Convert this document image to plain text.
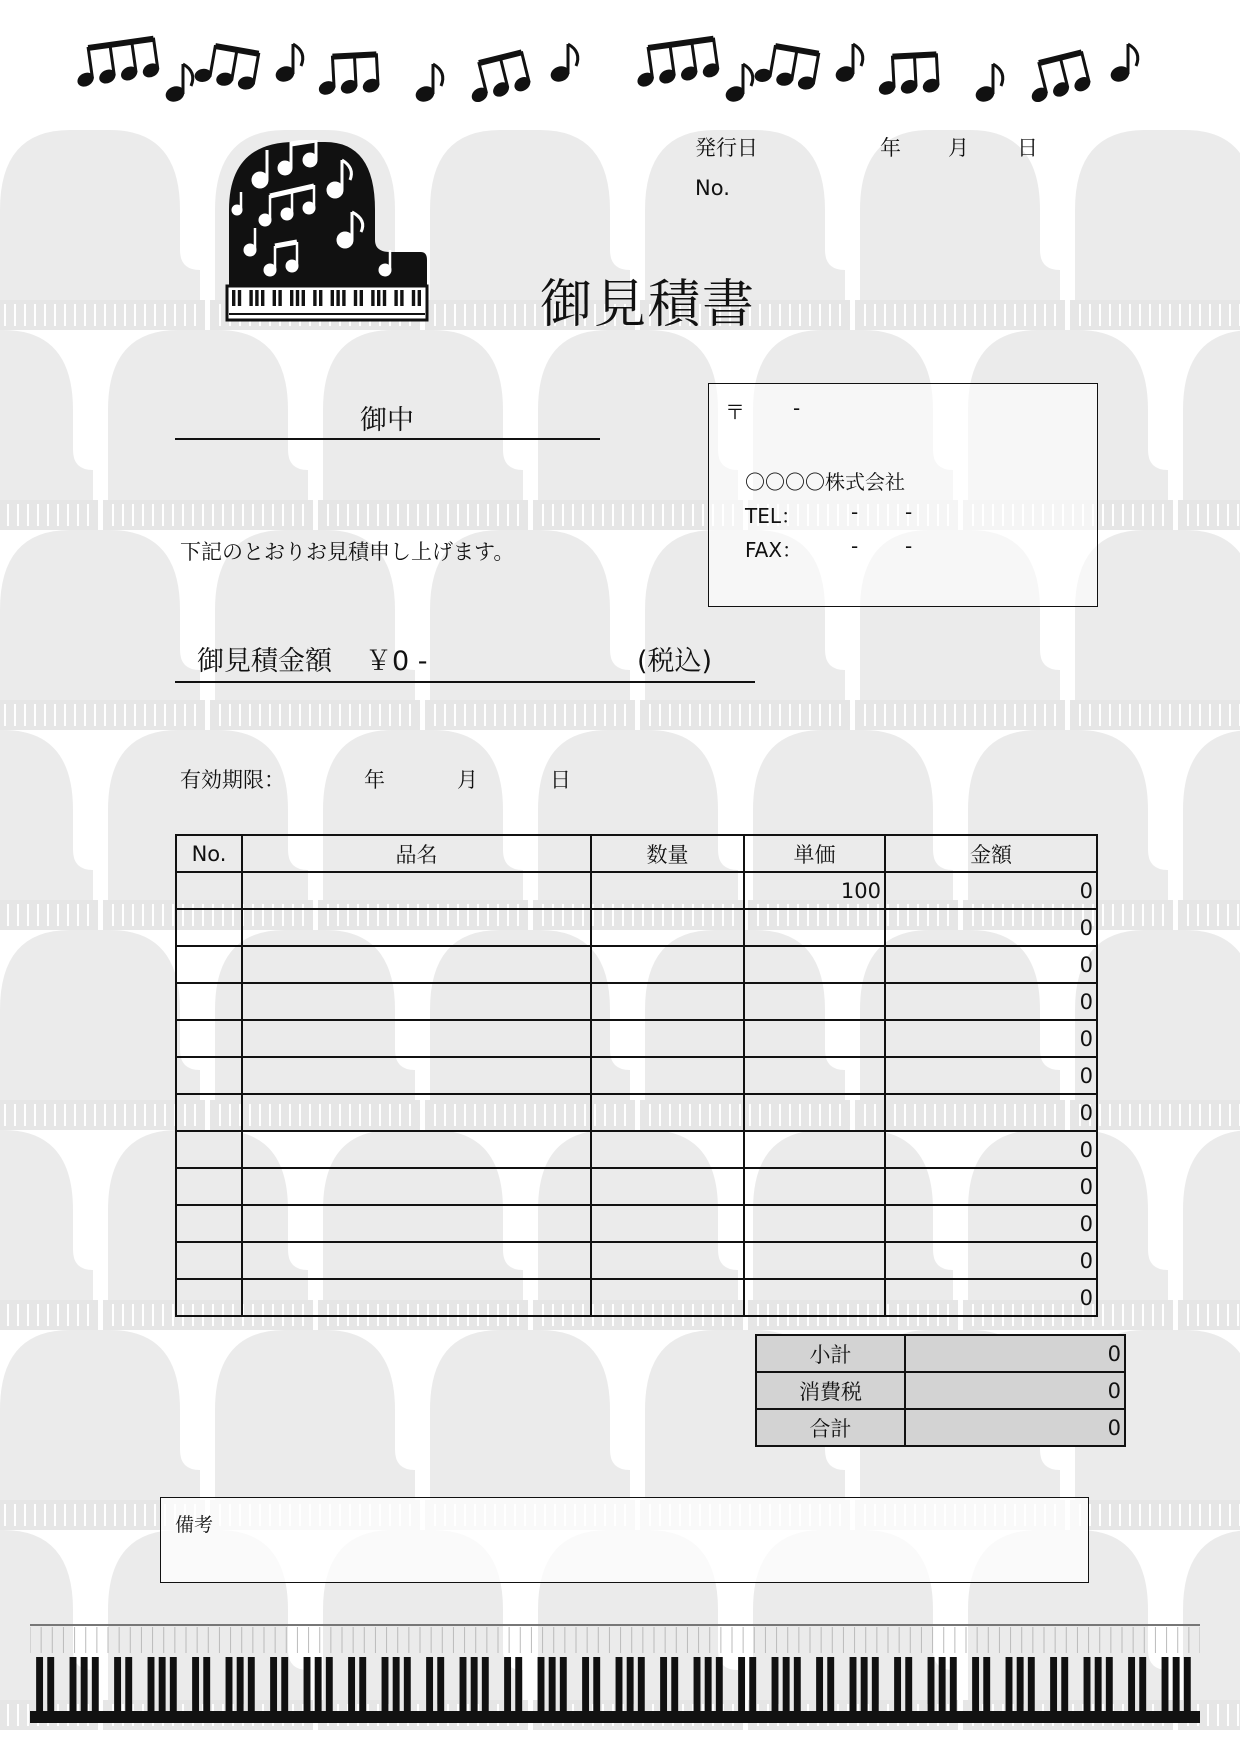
発行日	年 月 日
No.
御見積書
御中
下記のとおりお見積申し上げます。
〒 -
〇〇〇〇株式会社
TEL：	- -
FAX： - -
御見積金額 ￥0 -	(税込)
有効期限：	年	月	日
No.	品名	数量	単価	金額
			100	0
				0
				0
				0
				0
				0
				0
				0
				0
				0
				0
				0
小計	0
消費税	0
合計	0
備考
